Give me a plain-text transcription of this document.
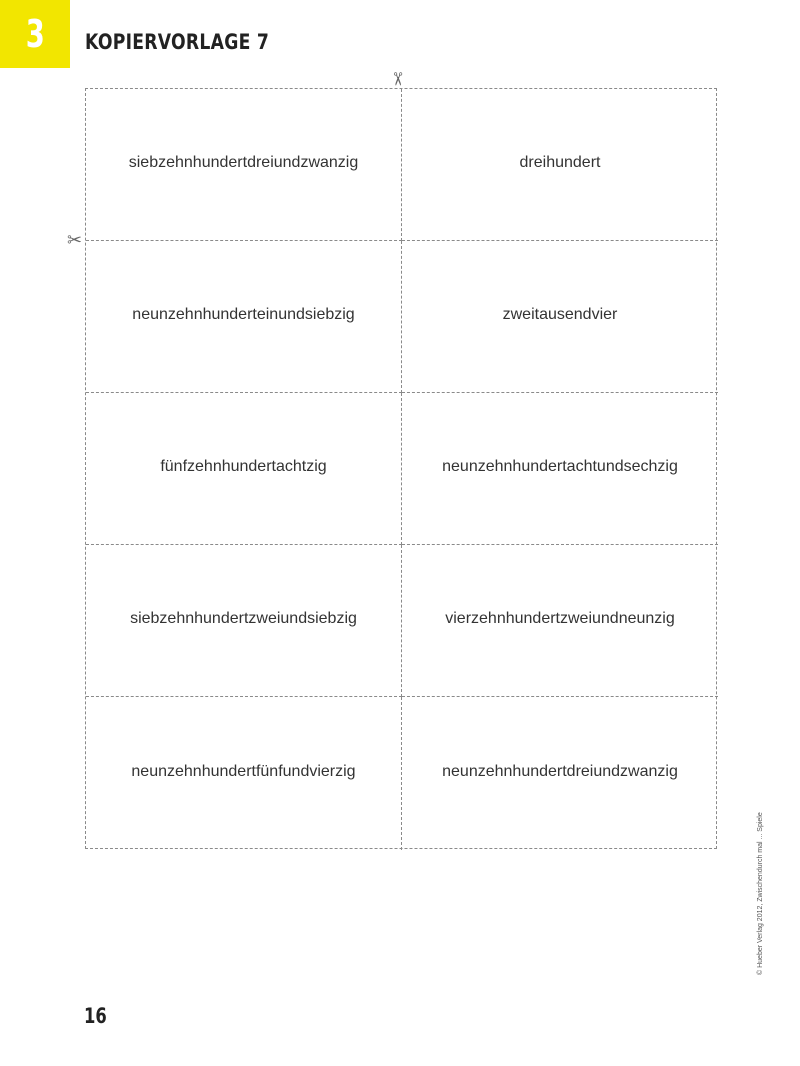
3 KOPIERVORLAGE 7
✂
✂
siebzehnhundertdreiundzwanzig	dreihundert
neunzehnhunderteinundsiebzig	zweitausendvier
fünfzehnhundertachtzig	neunzehnhundertachtundsechzig
siebzehnhundertzweiundsiebzig	vierzehnhundertzweiundneunzig
neunzehnhundertfünfundvierzig	neunzehnhundertdreiundzwanzig
16
© Hueber Verlag 2012, Zwischendurch mal ... Spiele
